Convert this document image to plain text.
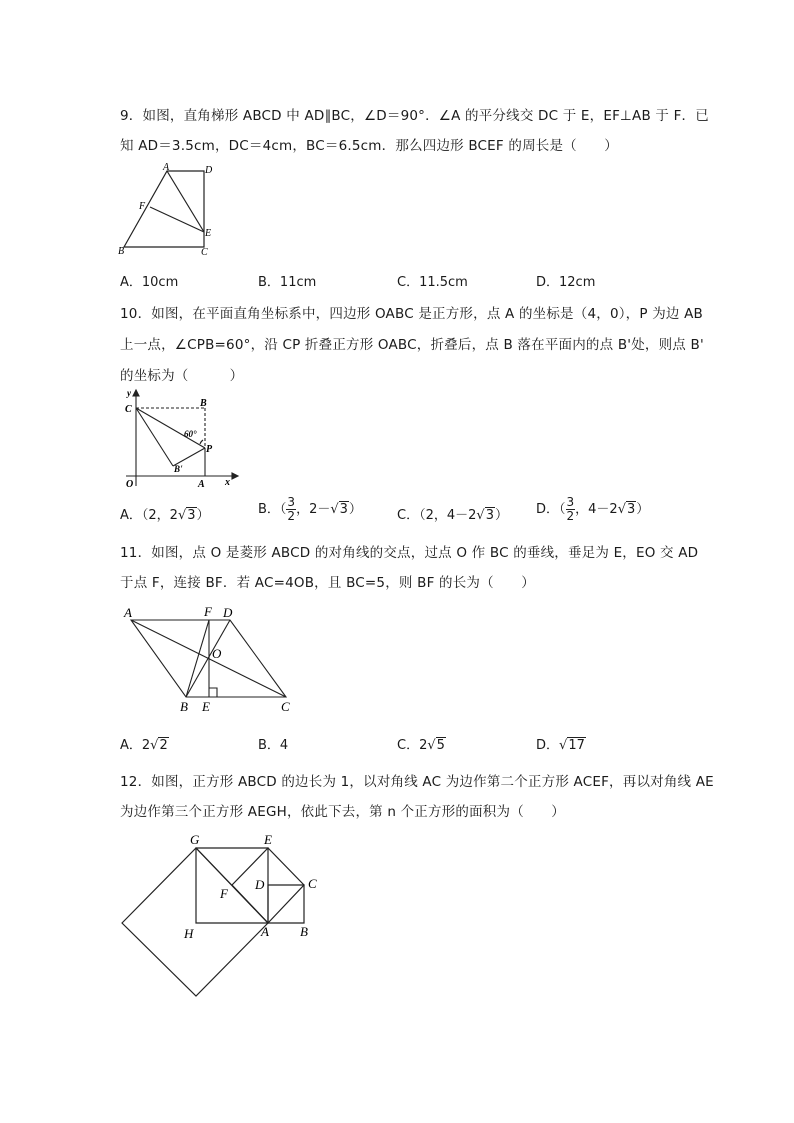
9．如图，直角梯形 ABCD 中 AD∥BC，∠D＝90°．∠A 的平分线交 DC 于 E，EF⊥AB 于 F．已
知 AD＝3.5cm，DC＝4cm，BC＝6.5cm．那么四边形 BCEF 的周长是（　　）
A	D
F
E
B	C
A．10cm	B．11cm	C．11.5cm	D．12cm
10．如图，在平面直角坐标系中，四边形 OABC 是正方形，点 A 的坐标是（4，0），P 为边 AB
上一点，∠CPB=60°，沿 CP 折叠正方形 OABC，折叠后，点 B 落在平面内的点 B'处，则点 B'
的坐标为（　　　）
y
C
B
60°
P
B'
O	A x
A．（2，2√3）	B．（ $\frac{3}{2}$ ，2－√3）	C．（2，4－2√3） D．（ $\frac{3}{2}$ ，4－2√3）
11．如图，点 O 是菱形 ABCD 的对角线的交点，过点 O 作 BC 的垂线，垂足为 E，EO 交 AD
于点 F，连接 BF．若 AC=4OB，且 BC=5，则 BF 的长为（　　）
A	F D
O
B E	C
A．2√2	B．4	C．2√5	D．√17
12．如图，正方形 ABCD 的边长为 1，以对角线 AC 为边作第二个正方形 ACEF，再以对角线 AE
为边作第三个正方形 AEGH，依此下去，第 n 个正方形的面积为（　　）
G	E
D	C
F
H	A B
